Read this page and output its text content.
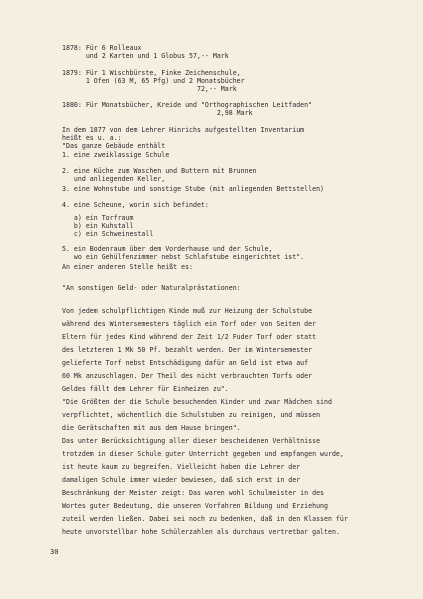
1878: Für 6 Rolleaux
und 2 Karten und 1 Globus 57,-- Mark
1879: Für 1 Wischbürste, Finke Zeichenschule,
1 Ofen (63 M, 65 Pfg) und 2 Monatsbücher
72,-- Mark
1880: Für Monatsbücher, Kreide und "Orthographischen Leitfaden"
2,98 Mark
In dem 1877 von dem Lehrer Hinrichs aufgestellten Inventarium
heißt es u. a.:
"Das ganze Gebäude enthält
1. eine zweiklassige Schule
2. eine Küche zum Waschen und Buttern mit Brunnen
und anliegenden Keller,
3. eine Wohnstube und sonstige Stube (mit anliegenden Bettstellen)
4. eine Scheune, worin sich befindet:
a) ein Torfraum
b) ein Kuhstall
c) ein Schweinestall
5. ein Bodenraum über dem Vorderhause und der Schule,
wo ein Gehülfenzimmer nebst Schlafstube eingerichtet ist".
An einer anderen Stelle heißt es:
"An sonstigen Geld- oder Naturalprästationen:
Von jedem schulpflichtigen Kinde muß zur Heizung der Schulstube
während des Wintersemesters täglich ein Torf oder von Seiten der
Eltern für jedes Kind während der Zeit 1/2 Fuder Torf oder statt
des letzteren 1 Mk 50 Pf. bezahlt werden. Der im Wintersemester
gelieferte Torf nebst Entschädigung dafür an Geld ist etwa auf
60 Mk anzuschlagen. Der Theil des nicht verbrauchten Torfs oder
Geldes fällt dem Lehrer für Einheizen zu".
"Die Größten der die Schule besuchenden Kinder und zwar Mädchen sind
verpflichtet, wöchentlich die Schulstuben zu reinigen, und müssen
die Gerätschaften mit aus dem Hause bringen".
Das unter Berücksichtigung aller dieser bescheidenen Verhältnisse
trotzdem in dieser Schule guter Unterricht gegeben und empfangen wurde,
ist heute kaum zu begreifen. Vielleicht haben die Lehrer der
damaligen Schule immer wieder bewiesen, daß sich erst in der
Beschränkung der Meister zeigt: Das waren wohl Schulmeister in des
Wortes guter Bedeutung, die unseren Vorfahren Bildung und Erziehung
zuteil werden ließen. Dabei sei noch zu bedenken, daß in den Klassen für
heute unvorstellbar hohe Schülerzahlen als durchaus vertretbar galten.
30
